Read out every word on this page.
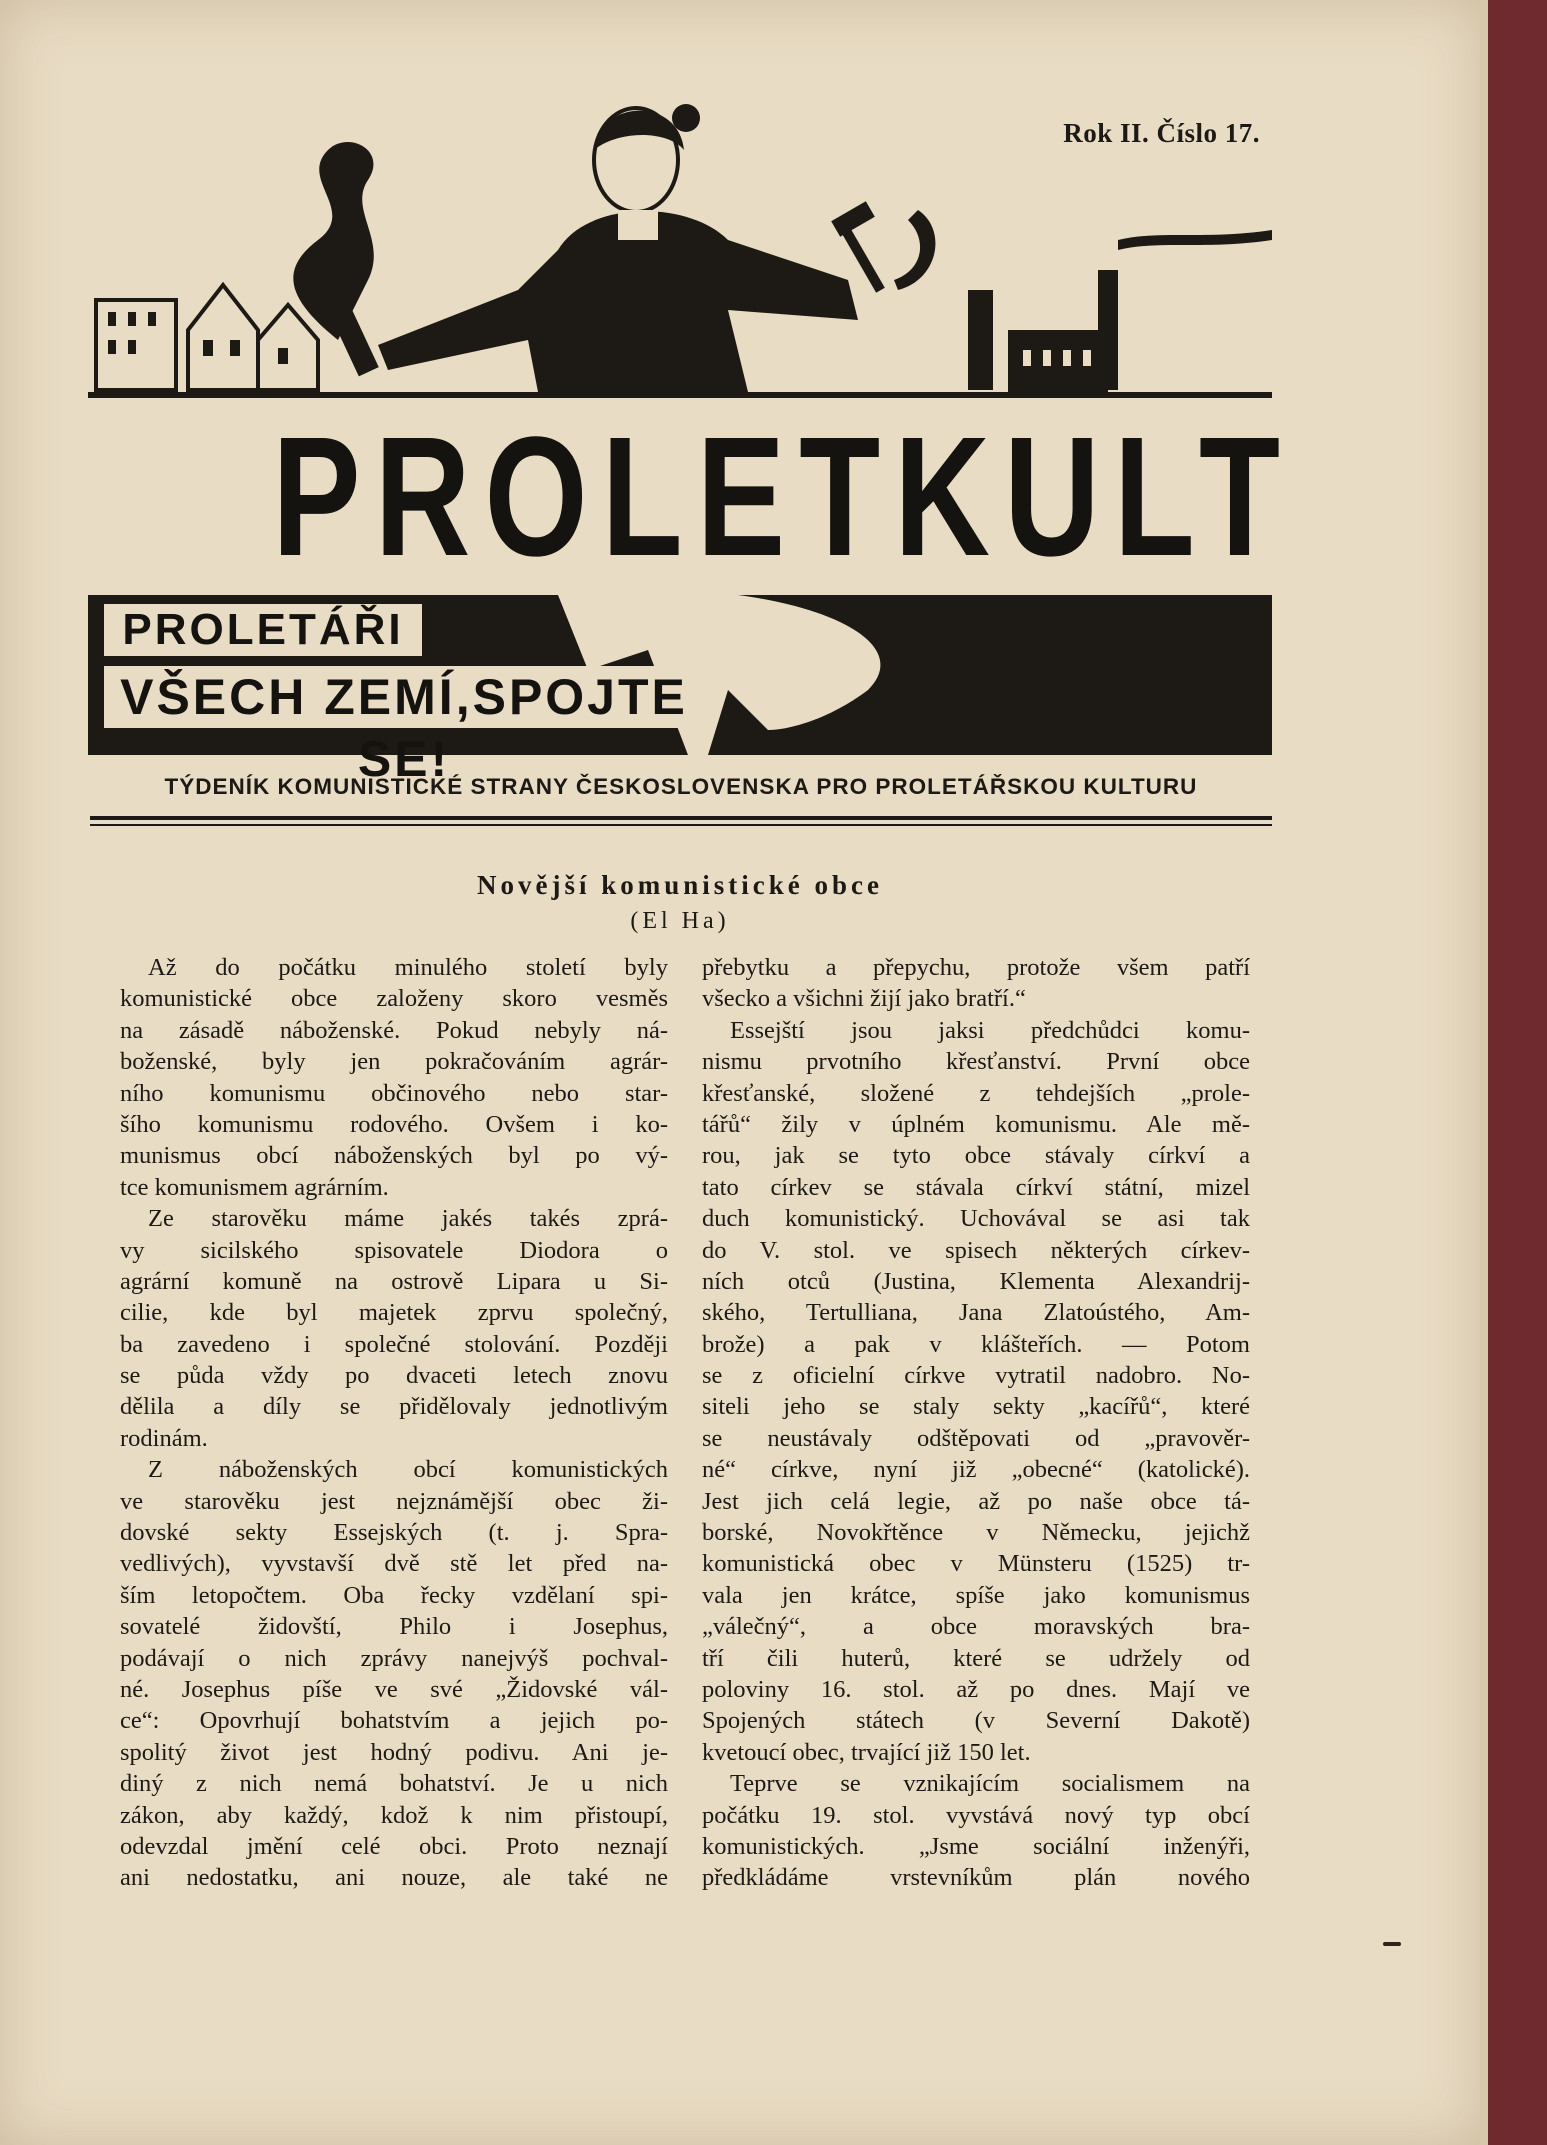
Rok II. Číslo 17.
PROLETKULT
PROLETÁŘI
VŠECH ZEMÍ,SPOJTE SE!
TÝDENÍK KOMUNISTICKÉ STRANY ČESKOSLOVENSKA PRO PROLETÁŘSKOU KULTURU
Novější komunistické obce
(El Ha)
Až do počátku minulého století byly
komunistické obce založeny skoro vesměs
na zásadě náboženské. Pokud nebyly ná-
boženské, byly jen pokračováním agrár-
ního komunismu občinového nebo star-
šího komunismu rodového. Ovšem i ko-
munismus obcí náboženských byl po vý-
tce komunismem agrárním.
Ze starověku máme jakés takés zprá-
vy sicilského spisovatele Diodora o
agrární komuně na ostrově Lipara u Si-
cilie, kde byl majetek zprvu společný,
ba zavedeno i společné stolování. Později
se půda vždy po dvaceti letech znovu
dělila a díly se přidělovaly jednotlivým
rodinám.
Z náboženských obcí komunistických
ve starověku jest nejznámější obec ži-
dovské sekty Essejských (t. j. Spra-
vedlivých), vyvstavší dvě stě let před na-
ším letopočtem. Oba řecky vzdělaní spi-
sovatelé židovští, Philo i Josephus,
podávají o nich zprávy nanejvýš pochval-
né. Josephus píše ve své „Židovské vál-
ce“: Opovrhují bohatstvím a jejich po-
spolitý život jest hodný podivu. Ani je-
diný z nich nemá bohatství. Je u nich
zákon, aby každý, kdož k nim přistoupí,
odevzdal jmění celé obci. Proto neznají
ani nedostatku, ani nouze, ale také ne
přebytku a přepychu, protože všem patří
všecko a všichni žijí jako bratří.“
Essejští jsou jaksi předchůdci komu-
nismu prvotního křesťanství. První obce
křesťanské, složené z tehdejších „prole-
tářů“ žily v úplném komunismu. Ale mě-
rou, jak se tyto obce stávaly církví a
tato církev se stávala církví státní, mizel
duch komunistický. Uchovával se asi tak
do V. stol. ve spisech některých církev-
ních otců (Justina, Klementa Alexandrij-
ského, Tertulliana, Jana Zlatoústého, Am-
brože) a pak v klášteřích. — Potom
se z oficielní církve vytratil nadobro. No-
siteli jeho se staly sekty „kacířů“, které
se neustávaly odštěpovati od „pravověr-
né“ církve, nyní již „obecné“ (katolické).
Jest jich celá legie, až po naše obce tá-
borské, Novokřtěnce v Německu, jejichž
komunistická obec v Münsteru (1525) tr-
vala jen krátce, spíše jako komunismus
„válečný“, a obce moravských bra-
tří čili huterů, které se udržely od
poloviny 16. stol. až po dnes. Mají ve
Spojených státech (v Severní Dakotě)
kvetoucí obec, trvající již 150 let.
Teprve se vznikajícím socialismem na
počátku 19. stol. vyvstává nový typ obcí
komunistických. „Jsme sociální inženýři,
předkládáme vrstevníkům plán nového
